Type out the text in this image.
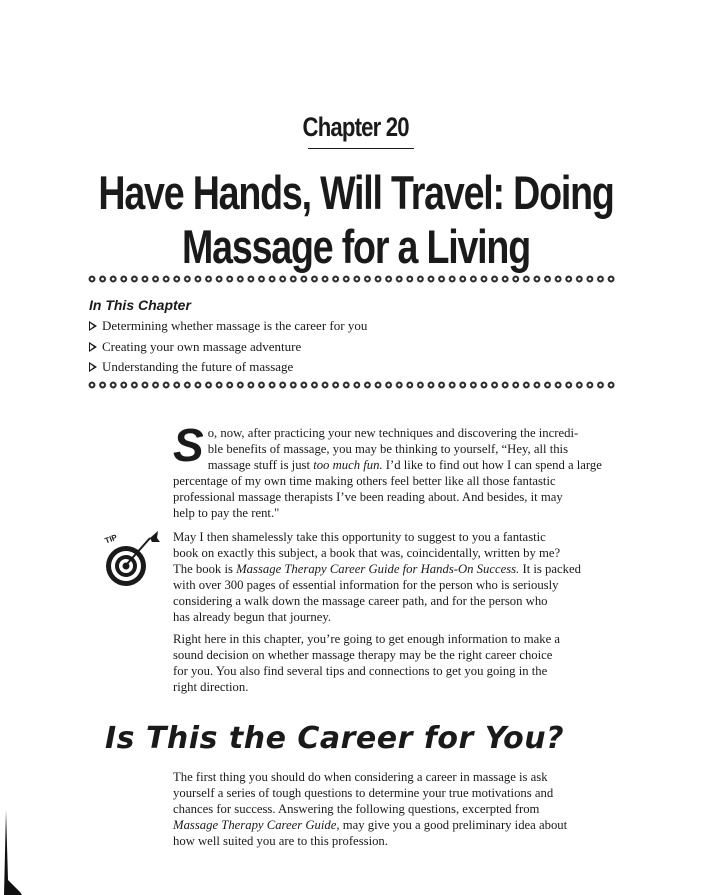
Chapter 20
Have Hands, Will Travel: Doing
Massage for a Living
In This Chapter
Determining whether massage is the career for you
Creating your own massage adventure
Understanding the future of massage
S o, now, after practicing your new techniques and discovering the incredi-
ble benefits of massage, you may be thinking to yourself, “Hey, all this
massage stuff is just too much fun. I’d like to find out how I can spend a large
percentage of my own time making others feel better like all those fantastic
professional massage therapists I’ve been reading about. And besides, it may
help to pay the rent."
TIP	May I then shamelessly take this opportunity to suggest to you a fantastic
book on exactly this subject, a book that was, coincidentally, written by me?
The book is Massage Therapy Career Guide for Hands-On Success. It is packed
with over 300 pages of essential information for the person who is seriously
considering a walk down the massage career path, and for the person who
has already begun that journey.
Right here in this chapter, you’re going to get enough information to make a
sound decision on whether massage therapy may be the right career choice
for you. You also find several tips and connections to get you going in the
right direction.
Is This the Career for You?
The first thing you should do when considering a career in massage is ask
yourself a series of tough questions to determine your true motivations and
chances for success. Answering the following questions, excerpted from
Massage Therapy Career Guide, may give you a good preliminary idea about
how well suited you are to this profession.
